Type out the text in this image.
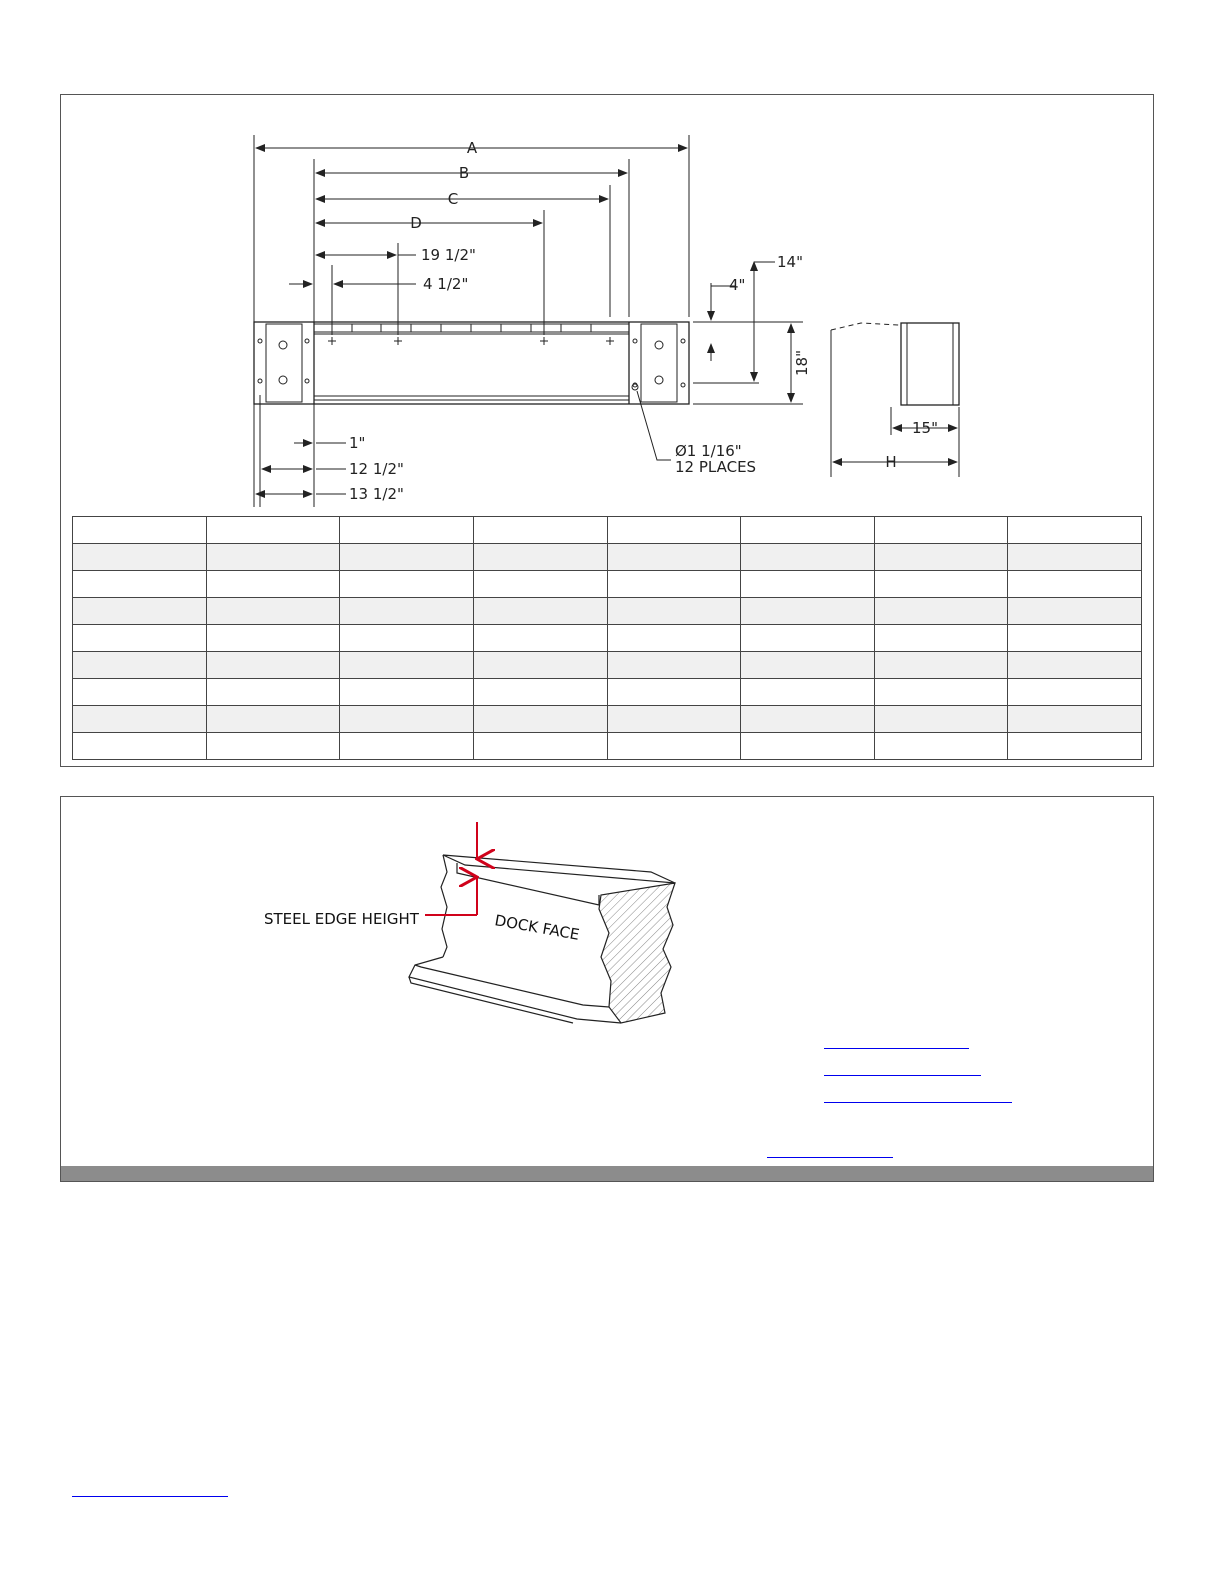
A
B
C
D
19 1/2"
4 1/2"
14"
4"
18"
1"
12 1/2"
13 1/2"
15"
H
Ø1 1/16"
12 PLACES

STEEL EDGE HEIGHT	DOCK FACE
